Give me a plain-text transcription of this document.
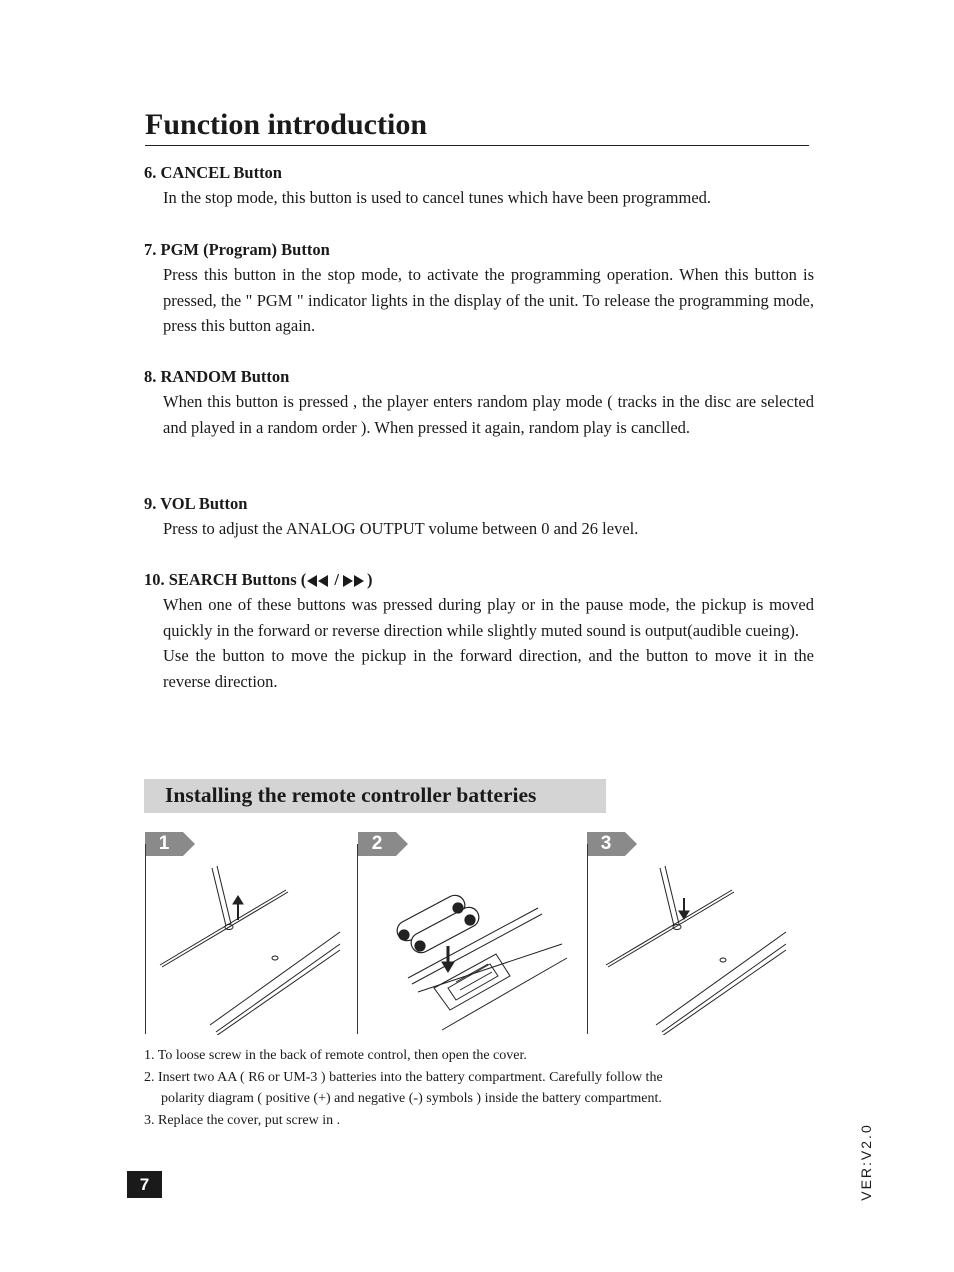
Function introduction

6. CANCEL Button

In the stop mode, this button is used to cancel tunes which have been programmed.

7. PGM (Program) Button

Press this button in the stop mode, to activate the programming operation. When this button is pressed, the " PGM " indicator lights in the display of the unit. To release the programming mode, press this button again.

8. RANDOM Button

When this button is pressed , the player enters random play mode ( tracks in the disc are selected and played in a random order ). When pressed it again, random play is canclled.

9. VOL Button

Press to adjust the ANALOG OUTPUT volume between 0 and 26 level.

10. SEARCH Buttons ( / )

When one of these buttons was pressed during play or in the pause mode, the pickup is moved quickly in the forward or reverse direction while slightly muted sound is output(audible cueing).

Use the button to move the pickup in the forward direction, and the button to move it in the reverse direction.

Installing the remote controller batteries
1	2	3

1. To loose screw in the back of remote control, then open the cover.

2. Insert two AA ( R6 or UM-3 ) batteries into the battery compartment. Carefully follow the

polarity diagram ( positive (+) and negative (-) symbols ) inside the battery compartment.

3. Replace the cover, put screw in .

7	VER:V2.0
